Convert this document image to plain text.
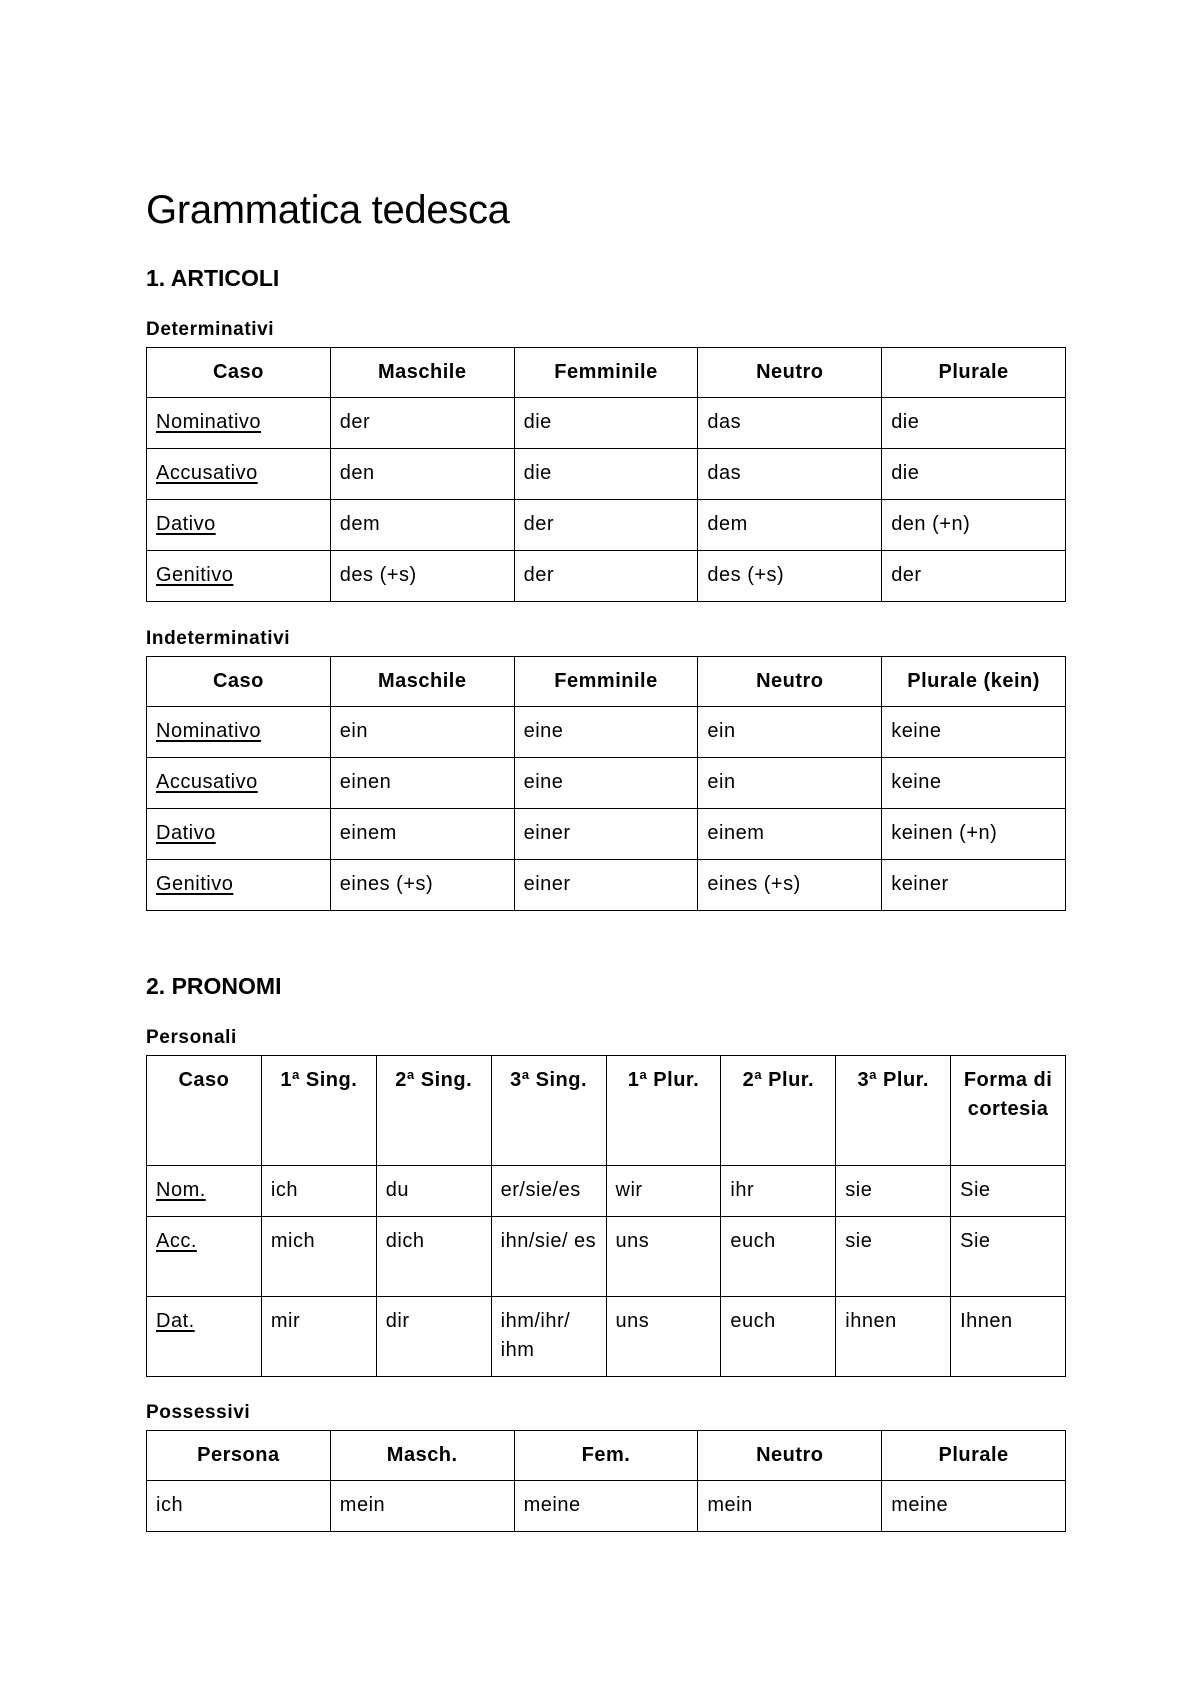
Grammatica tedesca
1. ARTICOLI
Determinativi
Caso	Maschile	Femminile	Neutro	Plurale
Nominativo	der	die	das	die
Accusativo	den	die	das	die
Dativo	dem	der	dem	den (+n)
Genitivo	des (+s)	der	des (+s)	der
Indeterminativi
Caso	Maschile	Femminile	Neutro	Plurale (kein)
Nominativo	ein	eine	ein	keine
Accusativo	einen	eine	ein	keine
Dativo	einem	einer	einem	keinen (+n)
Genitivo	eines (+s)	einer	eines (+s)	keiner
2. PRONOMI
Personali
Caso	1ª Sing.	2ª Sing.	3ª Sing.	1ª Plur.	2ª Plur.	3ª Plur.	Forma di cortesia
Nom.	ich	du	er/sie/es	wir	ihr	sie	Sie
Acc.	mich	dich	ihn/sie/ es	uns	euch	sie	Sie
Dat.	mir	dir	ihm/ihr/ ihm	uns	euch	ihnen	Ihnen
Possessivi
Persona	Masch.	Fem.	Neutro	Plurale
ich	mein	meine	mein	meine
